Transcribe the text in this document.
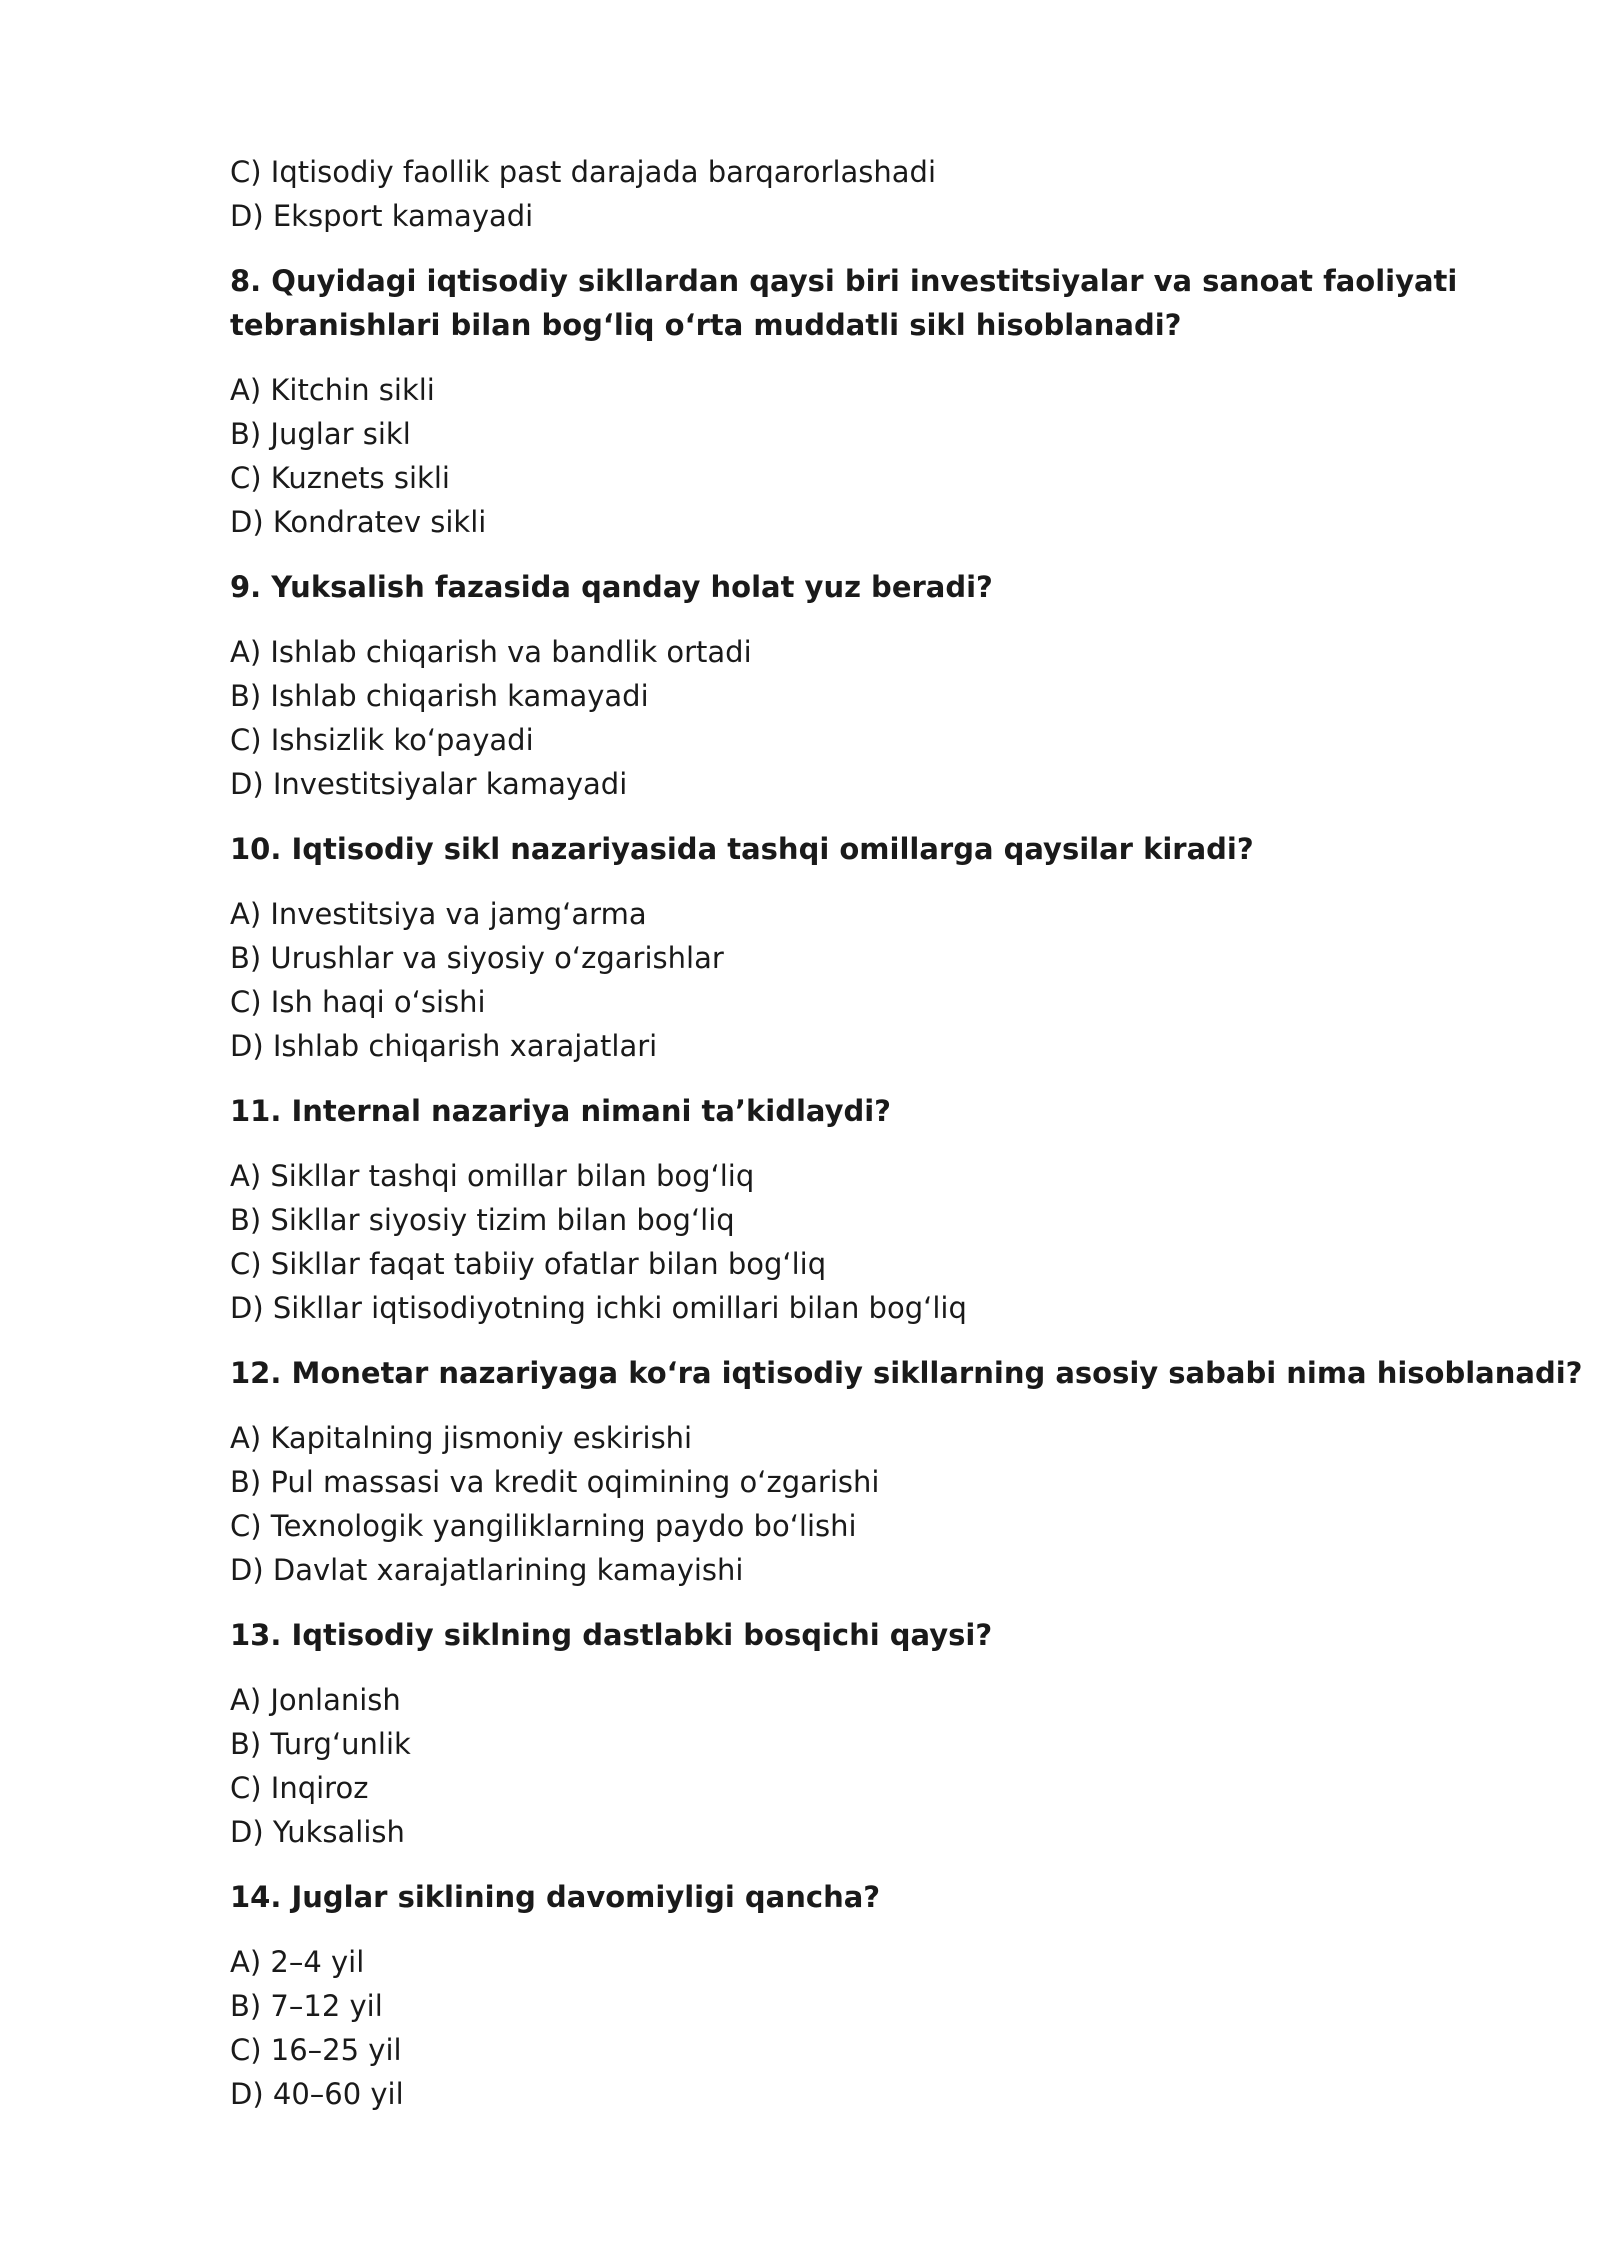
C) Iqtisodiy faollik past darajada barqarorlashadi
D) Eksport kamayadi
8. Quyidagi iqtisodiy sikllardan qaysi biri investitsiyalar va sanoat faoliyati
tebranishlari bilan bog‘liq o‘rta muddatli sikl hisoblanadi?
A) Kitchin sikli
B) Juglar sikl
C) Kuznets sikli
D) Kondratev sikli
9. Yuksalish fazasida qanday holat yuz beradi?
A) Ishlab chiqarish va bandlik ortadi
B) Ishlab chiqarish kamayadi
C) Ishsizlik ko‘payadi
D) Investitsiyalar kamayadi
10. Iqtisodiy sikl nazariyasida tashqi omillarga qaysilar kiradi?
A) Investitsiya va jamg‘arma
B) Urushlar va siyosiy o‘zgarishlar
C) Ish haqi o‘sishi
D) Ishlab chiqarish xarajatlari
11. Internal nazariya nimani ta’kidlaydi?
A) Sikllar tashqi omillar bilan bog‘liq
B) Sikllar siyosiy tizim bilan bog‘liq
C) Sikllar faqat tabiiy ofatlar bilan bog‘liq
D) Sikllar iqtisodiyotning ichki omillari bilan bog‘liq
12. Monetar nazariyaga ko‘ra iqtisodiy sikllarning asosiy sababi nima hisoblanadi?
A) Kapitalning jismoniy eskirishi
B) Pul massasi va kredit oqimining o‘zgarishi
C) Texnologik yangiliklarning paydo bo‘lishi
D) Davlat xarajatlarining kamayishi
13. Iqtisodiy siklning dastlabki bosqichi qaysi?
A) Jonlanish
B) Turg‘unlik
C) Inqiroz
D) Yuksalish
14. Juglar siklining davomiyligi qancha?
A) 2–4 yil
B) 7–12 yil
C) 16–25 yil
D) 40–60 yil
